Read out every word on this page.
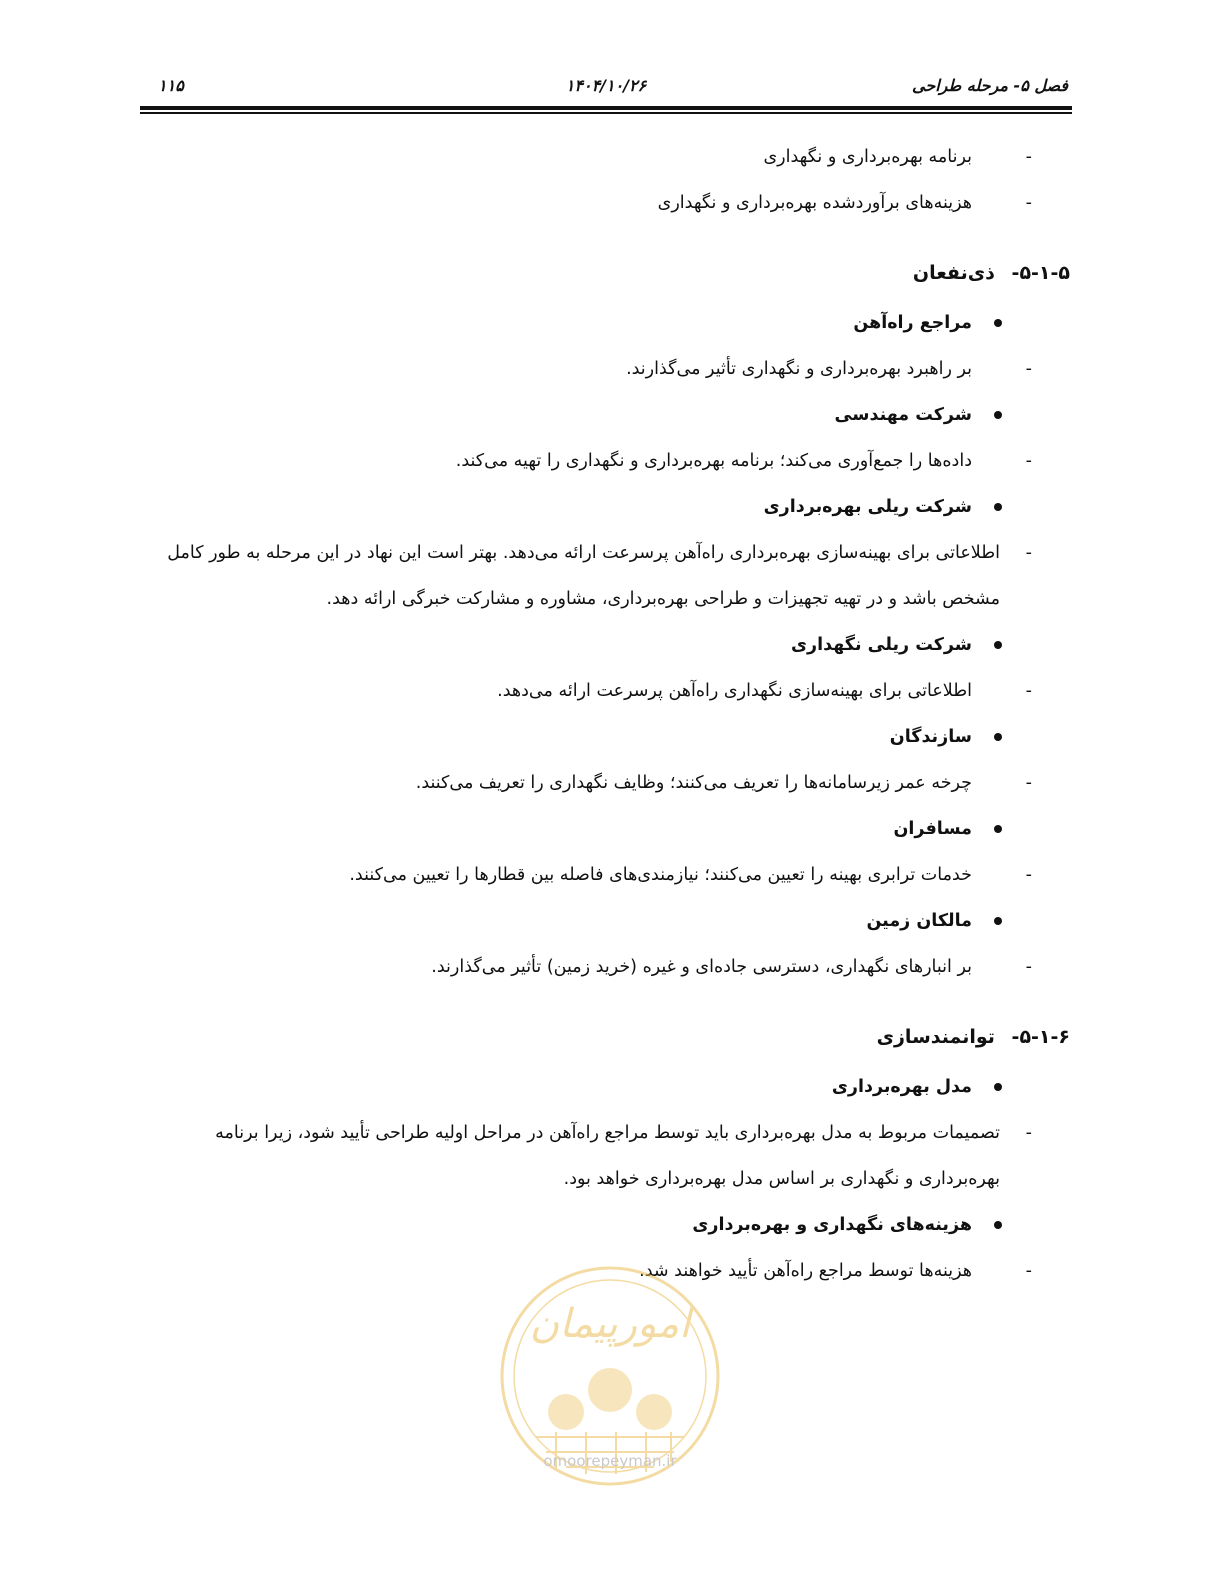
فصل ۵- مرحله طراحی
۱۴۰۴/۱۰/۲۶
۱۱۵
- برنامه بهره‌برداری و نگهداری
- هزینه‌های برآوردشده بهره‌برداری و نگهداری
۵-۱-۵- ذی‌نفعان
مراجع راه‌آهن
- بر راهبرد بهره‌برداری و نگهداری تأثیر می‌گذارند.
شرکت مهندسی
- داده‌ها را جمع‌آوری می‌کند؛ برنامه بهره‌برداری و نگهداری را تهیه می‌کند.
شرکت ریلی بهره‌برداری
- اطلاعاتی برای بهینه‌سازی بهره‌برداری راه‌آهن پرسرعت ارائه می‌دهد. بهتر است این نهاد در این مرحله به طور کامل مشخص باشد و در تهیه تجهیزات و طراحی بهره‌برداری، مشاوره و مشارکت خبرگی ارائه دهد.
شرکت ریلی نگهداری
- اطلاعاتی برای بهینه‌سازی نگهداری راه‌آهن پرسرعت ارائه می‌دهد.
سازندگان
- چرخه عمر زیرسامانه‌ها را تعریف می‌کنند؛ وظایف نگهداری را تعریف می‌کنند.
مسافران
- خدمات ترابری بهینه را تعیین می‌کنند؛ نیازمندی‌های فاصله بین قطارها را تعیین می‌کنند.
مالکان زمین
- بر انبارهای نگهداری، دسترسی جاده‌ای و غیره (خرید زمین) تأثیر می‌گذارند.
۵-۱-۶- توانمندسازی
مدل بهره‌برداری
- تصمیمات مربوط به مدل بهره‌برداری باید توسط مراجع راه‌آهن در مراحل اولیه طراحی تأیید شود، زیرا برنامه بهره‌برداری و نگهداری بر اساس مدل بهره‌برداری خواهد بود.
هزینه‌های نگهداری و بهره‌برداری
- هزینه‌ها توسط مراجع راه‌آهن تأیید خواهند شد.
امورپیمان
omoorepeyman.ir
